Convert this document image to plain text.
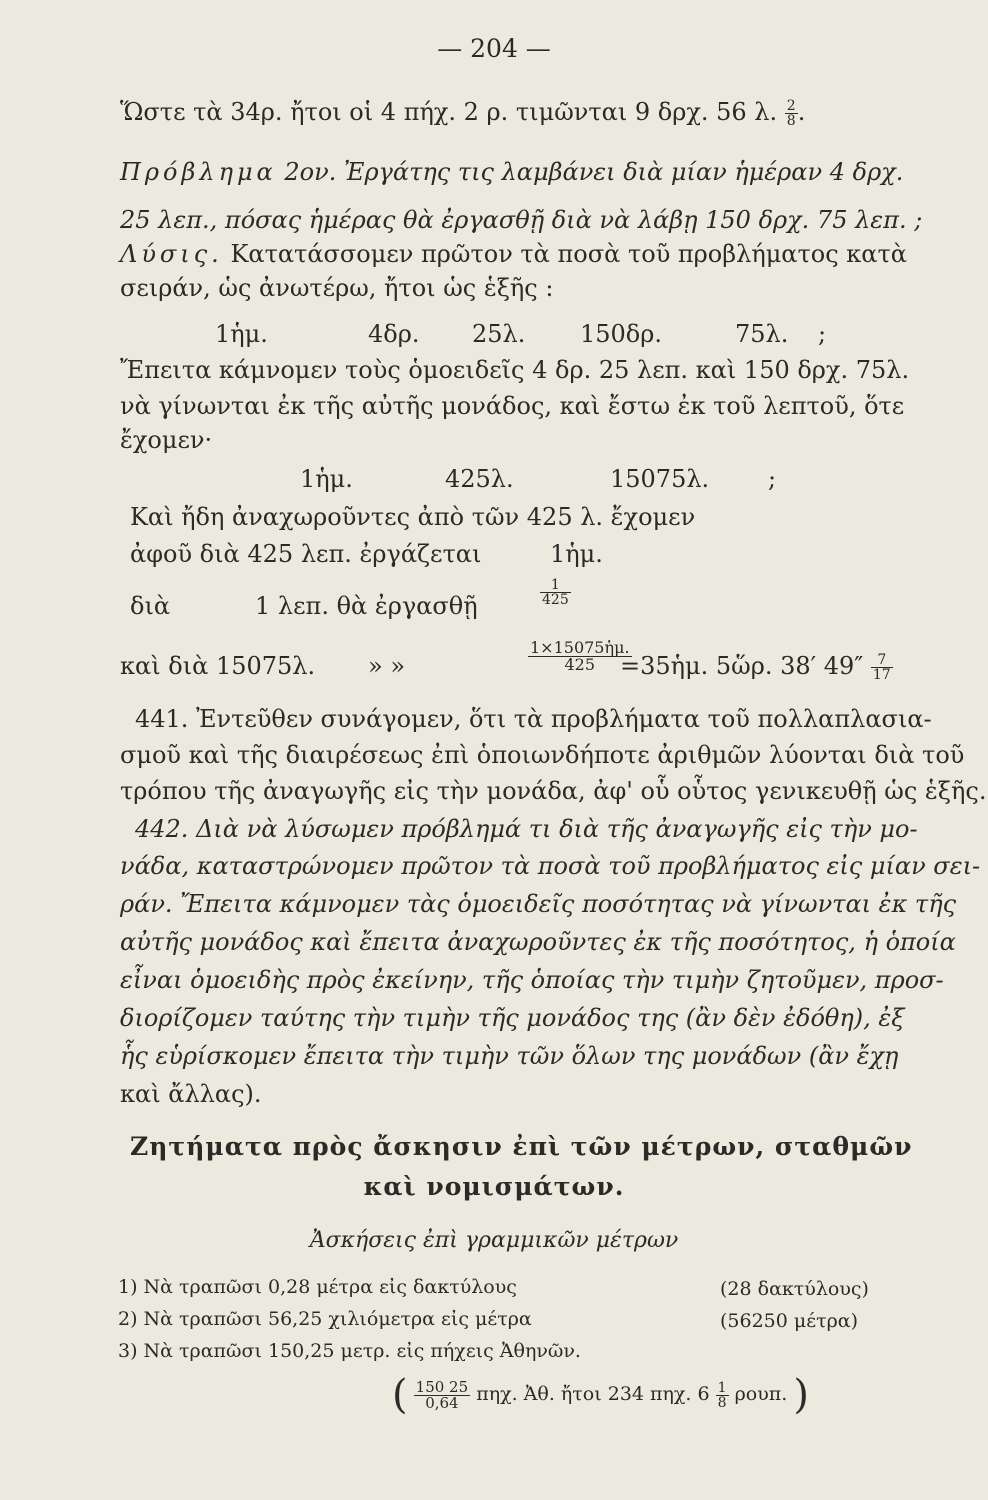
— 204 —
Ὥστε τὰ 34ρ. ἤτοι οἱ 4 πήχ. 2 ρ. τιμῶνται 9 δρχ. 56 λ. $\frac{2}{8}$ .
Πρόβλημα 2ον. Ἐργάτης τις λαμβάνει διὰ μίαν ἡμέραν 4 δρχ.
25 λεπ., πόσας ἡμέρας θὰ ἐργασθῇ διὰ νὰ λάβῃ 150 δρχ. 75 λεπ. ;
Λύσις. Κατατάσσομεν πρῶτον τὰ ποσὰ τοῦ προβλήματος κατὰ
σειράν, ὡς ἀνωτέρω, ἤτοι ὡς ἑξῆς :
1ἡμ.	4δρ. 25λ. 150δρ.	75λ. ;
Ἔπειτα κάμνομεν τοὺς ὁμοειδεῖς 4 δρ. 25 λεπ. καὶ 150 δρχ. 75λ.
νὰ γίνωνται ἐκ τῆς αὐτῆς μονάδος, καὶ ἔστω ἐκ τοῦ λεπτοῦ, ὅτε
ἔχομεν·
1ἡμ.	425λ.	15075λ. ;
Καὶ ἤδη ἀναχωροῦντες ἀπὸ τῶν 425 λ. ἔχομεν
ἀφοῦ διὰ 425 λεπ. ἐργάζεται	1ἡμ.
διὰ	1 λεπ. θὰ ἐργασθῇ	$\frac{1}{425}$
καὶ διὰ 15075λ. » »	$\frac{\text{1×15075ἡμ.}}{425}$
=35ἡμ. 5ὥρ. 38′ $49'' \frac{7}{17}$
441. Ἐντεῦθεν συνάγομεν, ὅτι τὰ προβλήματα τοῦ πολλαπλασια-
σμοῦ καὶ τῆς διαιρέσεως ἐπὶ ὁποιωνδήποτε ἀριθμῶν λύονται διὰ τοῦ
τρόπου τῆς ἀναγωγῆς εἰς τὴν μονάδα, ἀφ' οὗ οὗτος γενικευθῇ ὡς ἑξῆς.
442. Διὰ νὰ λύσωμεν πρόβλημά τι διὰ τῆς ἀναγωγῆς εἰς τὴν μο-
νάδα, καταστρώνομεν πρῶτον τὰ ποσὰ τοῦ προβλήματος εἰς μίαν σει-
ράν. Ἔπειτα κάμνομεν τὰς ὁμοειδεῖς ποσότητας νὰ γίνωνται ἐκ τῆς
αὐτῆς μονάδος καὶ ἔπειτα ἀναχωροῦντες ἐκ τῆς ποσότητος, ἡ ὁποία
εἶναι ὁμοειδὴς πρὸς ἐκείνην, τῆς ὁποίας τὴν τιμὴν ζητοῦμεν, προσ-
διορίζομεν ταύτης τὴν τιμὴν τῆς μονάδος της (ἂν δὲν ἐδόθη), ἐξ
ἧς εὑρίσκομεν ἔπειτα τὴν τιμὴν τῶν ὅλων της μονάδων (ἂν ἔχῃ
καὶ ἄλλας).
Ζητήματα πρὸς ἄσκησιν ἐπὶ τῶν μέτρων, σταθμῶν
καὶ νομισμάτων.
Ἀσκήσεις ἐπὶ γραμμικῶν μέτρων
1) Νὰ τραπῶσι 0,28 μέτρα εἰς δακτύλους	(28 δακτύλους)
2) Νὰ τραπῶσι 56,25 χιλιόμετρα εἰς μέτρα	(56250 μέτρα)
3) Νὰ τραπῶσι 150,25 μετρ. εἰς πήχεις Ἀθηνῶν.
( $\frac{150 25}{0,64} \pi\eta\chi$. Ἀθ. ἤτοι 234 πηχ. $6 \frac{1}{8} \rho o\upsilon\pi$. )
